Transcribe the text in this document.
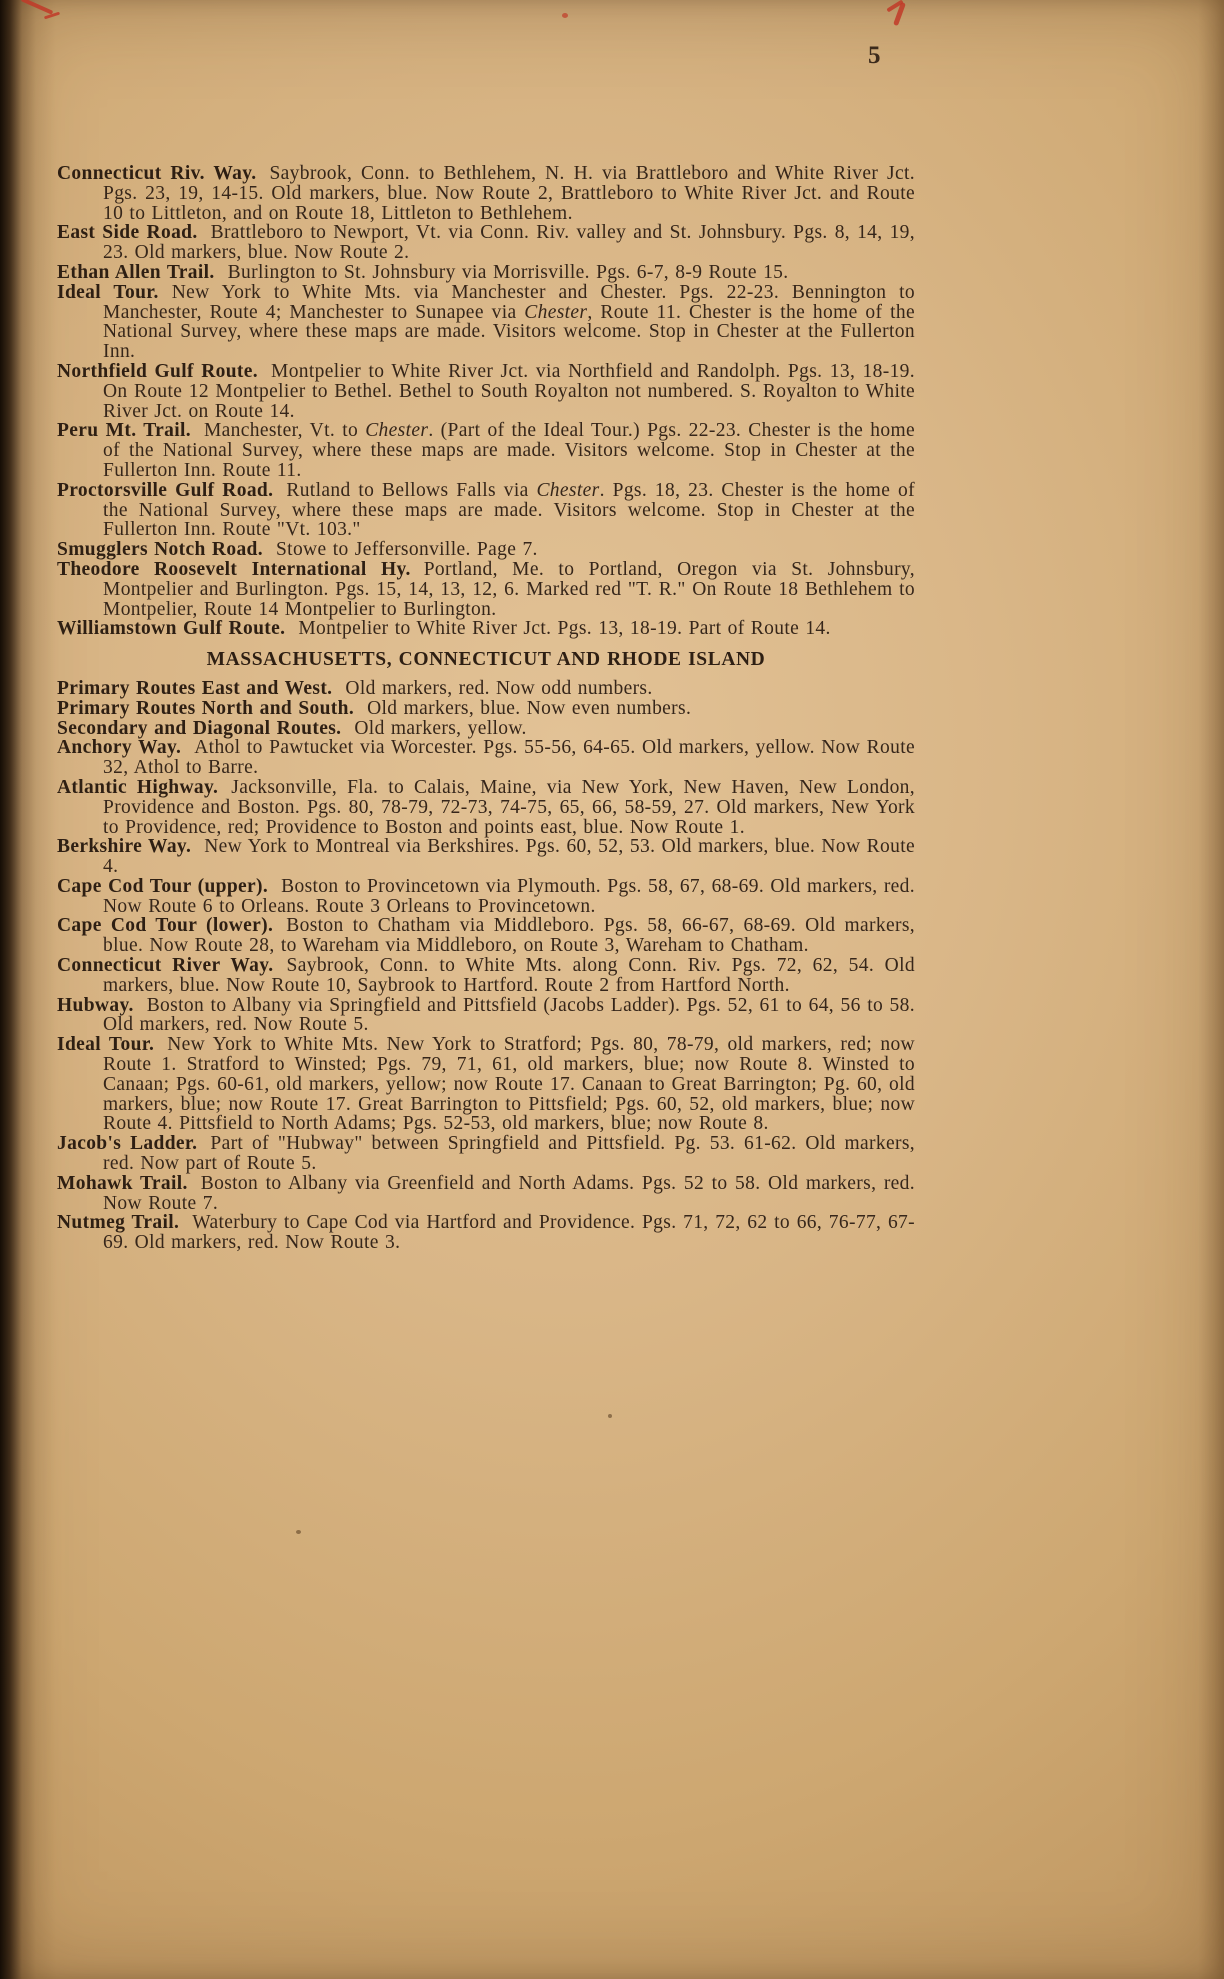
5

Connecticut Riv. Way. Saybrook, Conn. to Bethlehem, N. H. via Brattleboro and White River Jct. Pgs. 23, 19, 14-15. Old markers, blue. Now Route 2, Brattleboro to White River Jct. and Route 10 to Littleton, and on Route 18, Littleton to Bethlehem.

East Side Road. Brattleboro to Newport, Vt. via Conn. Riv. valley and St. Johnsbury. Pgs. 8, 14, 19, 23. Old markers, blue. Now Route 2.

Ethan Allen Trail. Burlington to St. Johnsbury via Morrisville. Pgs. 6-7, 8-9 Route 15.

Ideal Tour. New York to White Mts. via Manchester and Chester. Pgs. 22-23. Bennington to Manchester, Route 4; Manchester to Sunapee via Chester, Route 11. Chester is the home of the National Survey, where these maps are made. Visitors welcome. Stop in Chester at the Fullerton Inn.

Northfield Gulf Route. Montpelier to White River Jct. via Northfield and Randolph. Pgs. 13, 18-19. On Route 12 Montpelier to Bethel. Bethel to South Royalton not numbered. S. Royalton to White River Jct. on Route 14.

Peru Mt. Trail. Manchester, Vt. to Chester. (Part of the Ideal Tour.) Pgs. 22-23. Chester is the home of the National Survey, where these maps are made. Visitors welcome. Stop in Chester at the Fullerton Inn. Route 11.

Proctorsville Gulf Road. Rutland to Bellows Falls via Chester. Pgs. 18, 23. Chester is the home of the National Survey, where these maps are made. Visitors welcome. Stop in Chester at the Fullerton Inn. Route "Vt. 103."

Smugglers Notch Road. Stowe to Jeffersonville. Page 7.

Theodore Roosevelt International Hy. Portland, Me. to Portland, Oregon via St. Johnsbury, Montpelier and Burlington. Pgs. 15, 14, 13, 12, 6. Marked red "T. R." On Route 18 Bethlehem to Montpelier, Route 14 Montpelier to Burlington.

Williamstown Gulf Route. Montpelier to White River Jct. Pgs. 13, 18-19. Part of Route 14.

MASSACHUSETTS, CONNECTICUT AND RHODE ISLAND

Primary Routes East and West. Old markers, red. Now odd numbers.

Primary Routes North and South. Old markers, blue. Now even numbers.

Secondary and Diagonal Routes. Old markers, yellow.

Anchory Way. Athol to Pawtucket via Worcester. Pgs. 55-56, 64-65. Old markers, yellow. Now Route 32, Athol to Barre.

Atlantic Highway. Jacksonville, Fla. to Calais, Maine, via New York, New Haven, New London, Providence and Boston. Pgs. 80, 78-79, 72-73, 74-75, 65, 66, 58-59, 27. Old markers, New York to Providence, red; Providence to Boston and points east, blue. Now Route 1.

Berkshire Way. New York to Montreal via Berkshires. Pgs. 60, 52, 53. Old markers, blue. Now Route 4.

Cape Cod Tour (upper). Boston to Provincetown via Plymouth. Pgs. 58, 67, 68-69. Old markers, red. Now Route 6 to Orleans. Route 3 Orleans to Provincetown.

Cape Cod Tour (lower). Boston to Chatham via Middleboro. Pgs. 58, 66-67, 68-69. Old markers, blue. Now Route 28, to Wareham via Middleboro, on Route 3, Wareham to Chatham.

Connecticut River Way. Saybrook, Conn. to White Mts. along Conn. Riv. Pgs. 72, 62, 54. Old markers, blue. Now Route 10, Saybrook to Hartford. Route 2 from Hartford North.

Hubway. Boston to Albany via Springfield and Pittsfield (Jacobs Ladder). Pgs. 52, 61 to 64, 56 to 58. Old markers, red. Now Route 5.

Ideal Tour. New York to White Mts. New York to Stratford; Pgs. 80, 78-79, old markers, red; now Route 1. Stratford to Winsted; Pgs. 79, 71, 61, old markers, blue; now Route 8. Winsted to Canaan; Pgs. 60-61, old markers, yellow; now Route 17. Canaan to Great Barrington; Pg. 60, old markers, blue; now Route 17. Great Barrington to Pittsfield; Pgs. 60, 52, old markers, blue; now Route 4. Pittsfield to North Adams; Pgs. 52-53, old markers, blue; now Route 8.

Jacob's Ladder. Part of "Hubway" between Springfield and Pittsfield. Pg. 53. 61-62. Old markers, red. Now part of Route 5.

Mohawk Trail. Boston to Albany via Greenfield and North Adams. Pgs. 52 to 58. Old markers, red. Now Route 7.

Nutmeg Trail. Waterbury to Cape Cod via Hartford and Providence. Pgs. 71, 72, 62 to 66, 76-77, 67-69. Old markers, red. Now Route 3.
